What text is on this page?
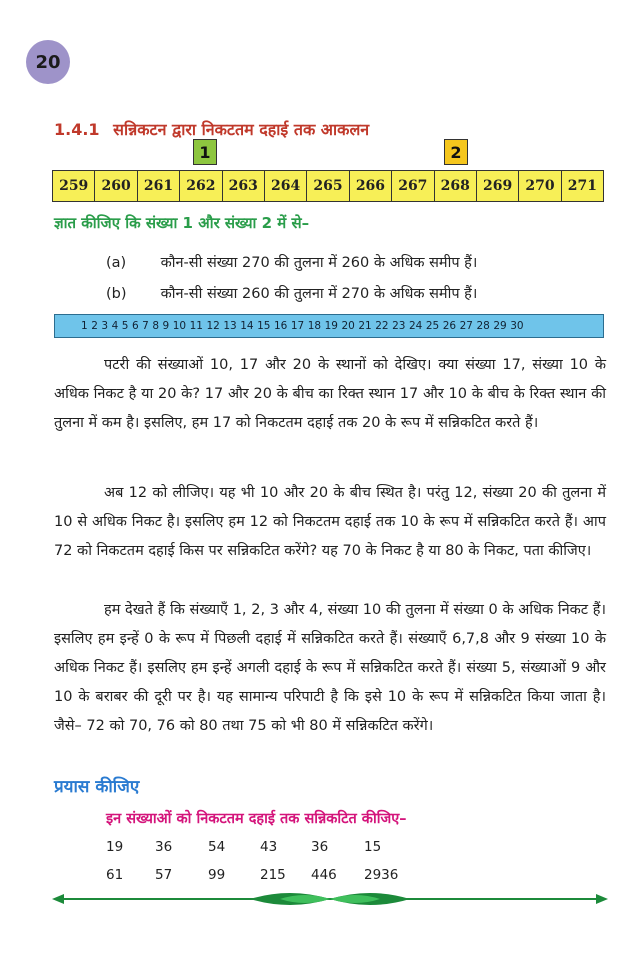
20
1.4.1 सन्निकटन द्वारा निकटतम दहाई तक आकलन
1	2
259 260 261 262 263 264 265 266 267 268 269 270 271
ज्ञात कीजिए कि संख्या 1 और संख्या 2 में से–
(a) कौन-सी संख्या 270 की तुलना में 260 के अधिक समीप हैं।
(b) कौन-सी संख्या 260 की तुलना में 270 के अधिक समीप हैं।
1 2 3 4 5 6 7 8 9 10 11 12 13 14 15 16 17 18 19 20 21 22 23 24 25 26 27 28 29 30

पटरी की संख्याओं 10, 17 और 20 के स्थानों को देखिए। क्या संख्या 17, संख्या 10 के अधिक निकट है या 20 के? 17 और 20 के बीच का रिक्त स्थान 17 और 10 के बीच के रिक्त स्थान की तुलना में कम है। इसलिए, हम 17 को निकटतम दहाई तक 20 के रूप में सन्निकटित करते हैं।

अब 12 को लीजिए। यह भी 10 और 20 के बीच स्थित है। परंतु 12, संख्या 20 की तुलना में 10 से अधिक निकट है। इसलिए हम 12 को निकटतम दहाई तक 10 के रूप में सन्निकटित करते हैं। आप 72 को निकटतम दहाई किस पर सन्निकटित करेंगे? यह 70 के निकट है या 80 के निकट, पता कीजिए।

हम देखते हैं कि संख्याएँ 1, 2, 3 और 4, संख्या 10 की तुलना में संख्या 0 के अधिक निकट हैं। इसलिए हम इन्हें 0 के रूप में पिछली दहाई में सन्निकटित करते हैं। संख्याएँ 6,7,8 और 9 संख्या 10 के अधिक निकट हैं। इसलिए हम इन्हें अगली दहाई के रूप में सन्निकटित करते हैं। संख्या 5, संख्याओं 9 और 10 के बराबर की दूरी पर है। यह सामान्य परिपाटी है कि इसे 10 के रूप में सन्निकटित किया जाता है। जैसे– 72 को 70, 76 को 80 तथा 75 को भी 80 में सन्निकटित करेंगे।

प्रयास कीजिए
इन संख्याओं को निकटतम दहाई तक सन्निकटित कीजिए–
19	36	54	43	36	15
61	57	99	215	446	2936
